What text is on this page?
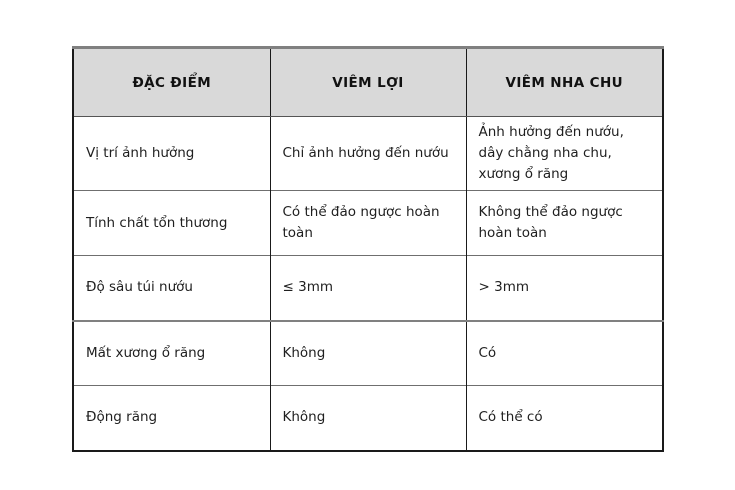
ĐẶC ĐIỂM	VIÊM LỢI	VIÊM NHA CHU

Vị trí ảnh hưởng	Chỉ ảnh hưởng đến nướu	Ảnh hưởng đến nướu, dây chằng nha chu, xương ổ răng

Tính chất tổn thương	Có thể đảo ngược hoàn toàn	Không thể đảo ngược hoàn toàn

Độ sâu túi nướu	≤ 3mm	> 3mm

Mất xương ổ răng	Không	Có

Động răng	Không	Có thể có
